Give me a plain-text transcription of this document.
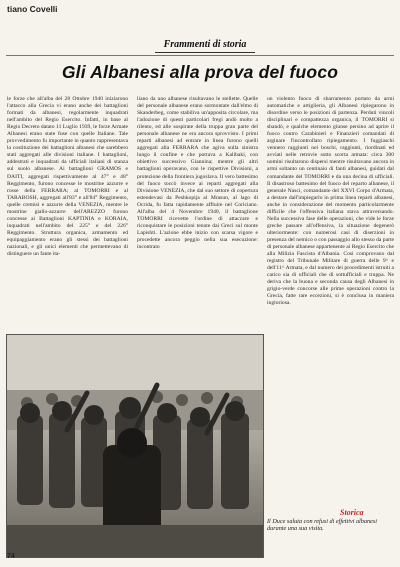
tiano Covelli
Frammenti di storia
Gli Albanesi alla prova del fuoco

le forze che all'alba del 28 Ottobre 1940 iniziarono l'attacco alla Grecia vi erano anche dei battaglioni formati da albanesi, regolarmente inquadrati nell'ambito del Regio Esercito. Infatti, in base al Regio Decreto datato 11 Luglio 1939, le forze Armate Albanesi erano state fuse con quelle Italiane. Tale provvedimento fu importante in quanto rappresentava la costituzione dei battaglioni albanesi che sarebbero stati aggregati alle divisioni italiane. I battaglioni, addestrati e inquadrati da ufficiali italiani di stanza sul suolo albanese. Ai battaglioni GRAMOS e DAITI, aggregati rispettivamente al 47° e 48° Reggimento, furono concesse le mostrine azzurre e rosse della FERRARA; al TOMORRI e al TARABOSH, aggregati all'83° e all'84° Reggimento, quelle cremisi e azzurre della VENEZIA, mentre le mostrine giallo-azzurre dell'AREZZO furono concesse ai Battaglioni KAPTINIA e KORAIA, inquadrati nell'ambito del 225° e del 226° Reggimento. Struttura organica, armamento ed equipaggiamento erano gli stessi dei battaglioni nazionali, e gli unici elementi che permettevano di distinguere un fante ita-

liano da uno albanese risultavano le stellette. Quelle del personale albanese erano sormontate dall'elmo di Skanderbeg, come stabiliva un'apposita circolare, ma l'adozione di questi particolari fregi andò molto a rilento, ed alle sospirate della truppa gran parte del personale albanese ne era ancora sprovvisto. I primi reparti albanesi ad entrare in linea furono quelli aggregati alla FERRARA che agiva sulla sinistra lungo il confine e che portava a Kalibaki, con obiettivo successivo Giannina; mentre gli altri battaglioni operavano, con le rispettive Divisioni, a protezione della frontiera jugoslava. Il vero battesimo del fuoco toccò invece ai reparti aggregati alla Divisione VENEZIA, che dal suo settore di copertura estendevasi da Peshkopija al Mrasun, al lago di Ocrida, fu fatta rapidamente affluire nel Coriciano. All'alba del 4 Novembre 1940, il battaglione TOMORRI ricevette l'ordine di attaccare e riconquistare le posizioni tenute dai Greci sul monte Lapishti. L'azione ebbe inizio con scarsa vigore e procedette ancora peggio nella sua esecuzione: incontrato

un violento fuoco di sbarramento portato da armi automatiche e artiglieria, gli Albanesi ripiegarono in disordine verso le posizioni di partenza. Perduti vincoli disciplinari e compattezza organica, il TOMORRI si sbandò, e qualche elemento giunse persino ad aprire il fuoco contro Carabinieri e Finanzieri comandati di arginare l'incontrollato ripiegamento. I fuggiaschi vennero raggiunti nei boschi, raggiunti, riordinati ed avviati nelle retrovie sotto scorta armata: circa 300 uomini risultarono dispersi mentre risultavano ancora in armi soltanto un centinaio di fanti albanesi, guidati dal comandante del TOMORRI e da una decina di ufficiali. Il disastroso battesimo del fuoco del reparto albanese, il generale Nasci, comandante del XXVI Corpo d'Armata, a destare dall'impiegarlo in prima linea reparti albanesi, anche in considerazione del momento particolarmente difficile che l'offensiva italiana stava attraversando. Nella successiva fase delle operazioni, che vide le forze greche passare all'offensiva, la situazione degenerò ulteriormente: con numerosi casi di diserzioni in presenza del nemico o con passaggio allo stesso da parte di personale albanese appartenente ai Regio Esercito che alla Milizia Fascista d'Albania. Così comprovano dal registro del Tribunale Militare di guerra delle 9^ e dell'11^ Armata, e dal numero dei procedimenti istruiti a carico sia di ufficiali che di sottufficiali e truppa. Ne deriva che la buona e seconda causa degli Albanesi in grigio-verde concorse alle prime operazioni contro la Grecia, fatte rare eccezioni, si è conclusa in maniera ingloriosa.

Storica
Il Duce saluta con refusi di effettivi albanesi durante una sua visita.
74
